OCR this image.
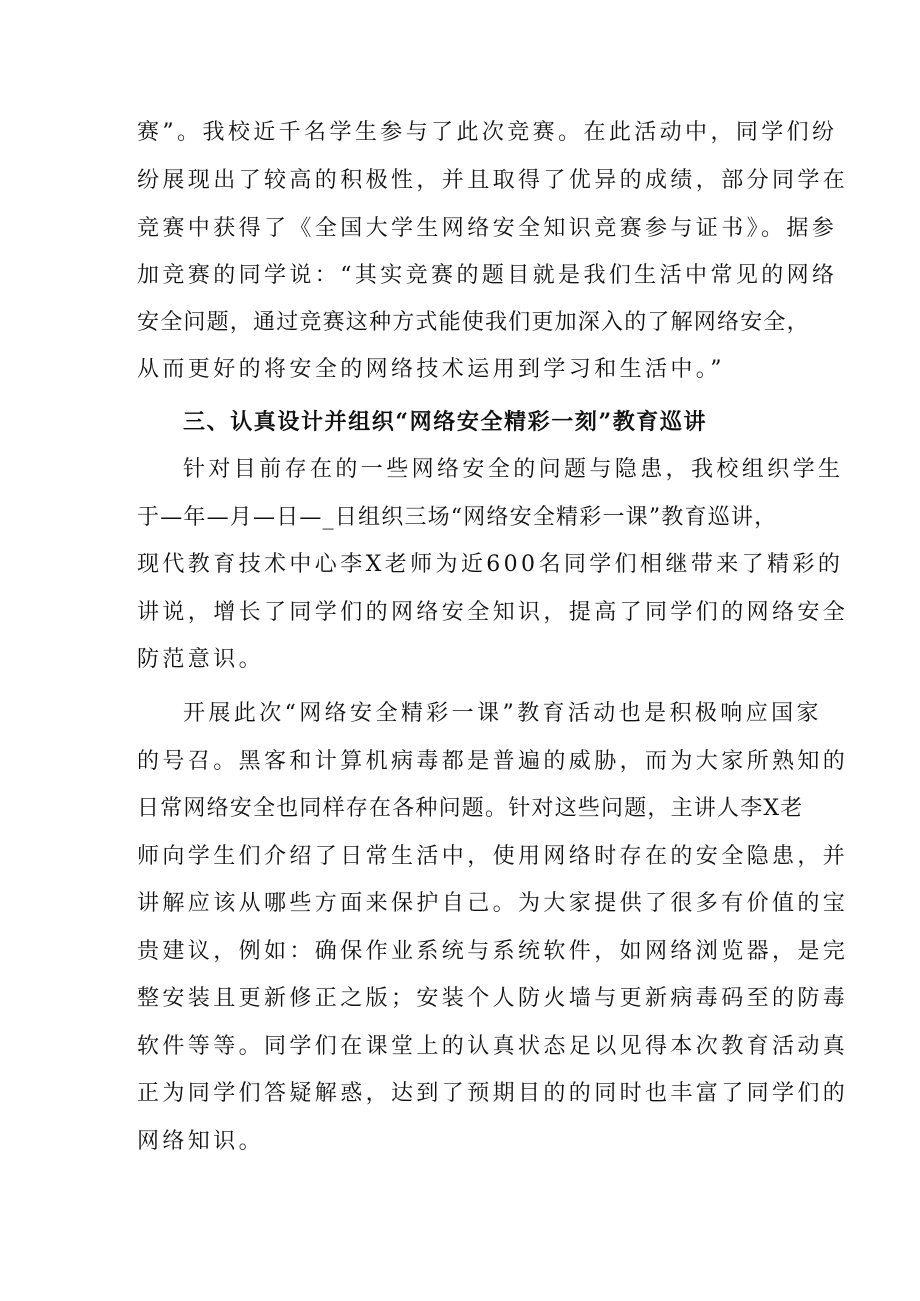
赛”。我校近千名学生参与了此次竞赛。在此活动中，同学们纷
纷展现出了较高的积极性，并且取得了优异的成绩，部分同学在
竞赛中获得了《全国大学生网络安全知识竞赛参与证书》。据参
加竞赛的同学说：“其实竞赛的题目就是我们生活中常见的网络
安全问题，通过竞赛这种方式能使我们更加深入的了解网络安全，
从而更好的将安全的网络技术运用到学习和生活中。”
三、认真设计并组织“网络安全精彩一刻”教育巡讲
针对目前存在的一些网络安全的问题与隐患，我校组织学生
于—年—月—日—_日组织三场“网络安全精彩一课”教育巡讲，
现代教育技术中心李X老师为近600名同学们相继带来了精彩的
讲说，增长了同学们的网络安全知识，提高了同学们的网络安全
防范意识。
开展此次“网络安全精彩一课”教育活动也是积极响应国家
的号召。黑客和计算机病毒都是普遍的威胁，而为大家所熟知的
日常网络安全也同样存在各种问题。针对这些问题，主讲人李X老
师向学生们介绍了日常生活中，使用网络时存在的安全隐患，并
讲解应该从哪些方面来保护自己。为大家提供了很多有价值的宝
贵建议，例如：确保作业系统与系统软件，如网络浏览器，是完
整安装且更新修正之版；安装个人防火墙与更新病毒码至的防毒
软件等等。同学们在课堂上的认真状态足以见得本次教育活动真
正为同学们答疑解惑，达到了预期目的的同时也丰富了同学们的
网络知识。
